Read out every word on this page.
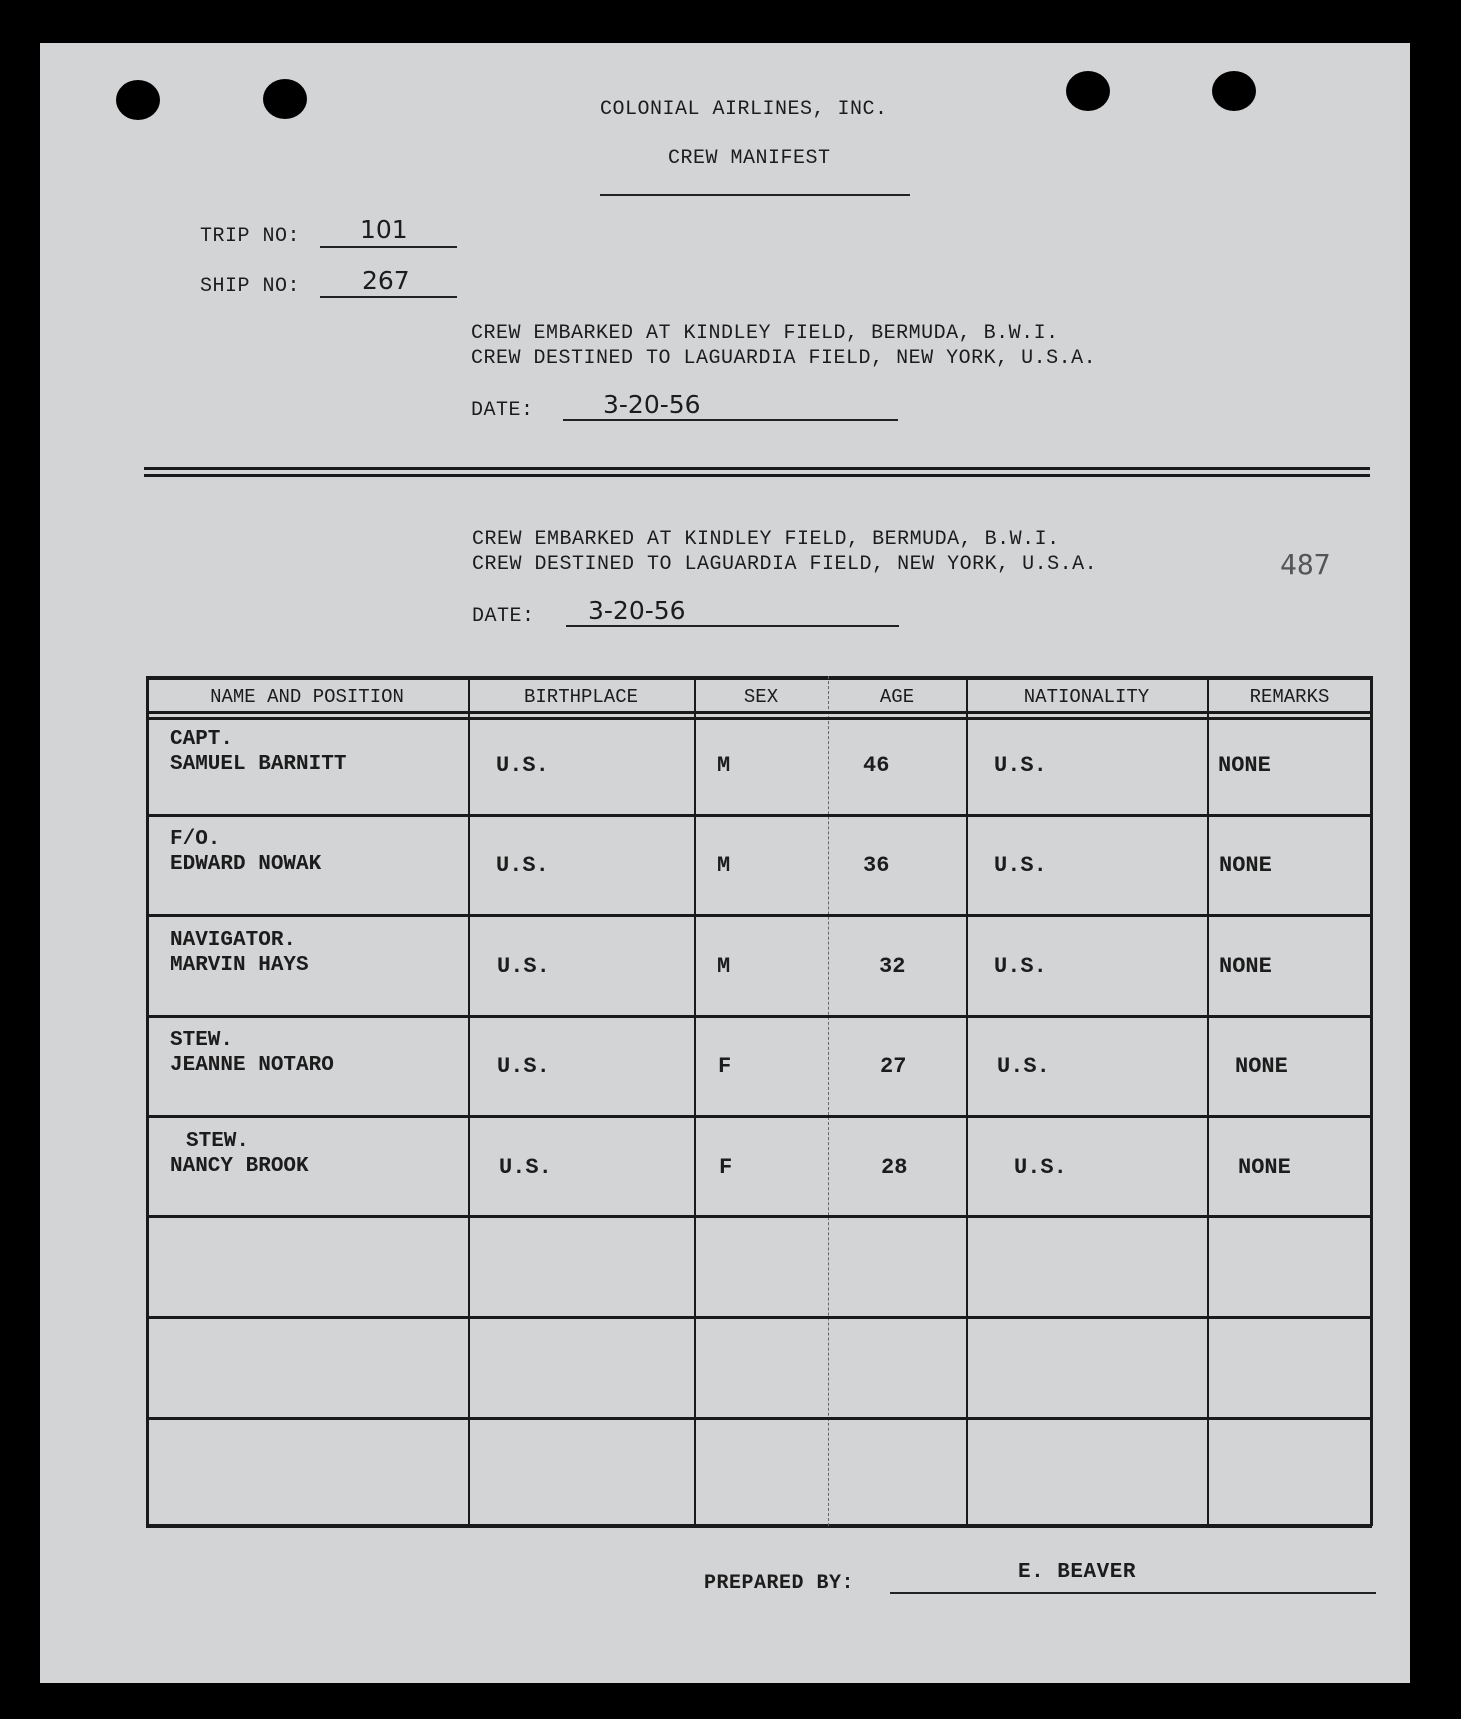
COLONIAL AIRLINES, INC.
CREW MANIFEST
TRIP NO: 101
SHIP NO: 267
CREW EMBARKED AT KINDLEY FIELD, BERMUDA, B.W.I.
CREW DESTINED TO LAGUARDIA FIELD, NEW YORK, U.S.A.
DATE:	3-20-56
CREW EMBARKED AT KINDLEY FIELD, BERMUDA, B.W.I.
CREW DESTINED TO LAGUARDIA FIELD, NEW YORK, U.S.A.	487
DATE: 3-20-56
NAME AND POSITION	BIRTHPLACE	SEX	AGE	NATIONALITY	REMARKS
CAPT.
SAMUEL BARNITT	U.S.	M	46	U.S.	NONE
F/O.
EDWARD NOWAK	U.S.	M	36	U.S.	NONE
NAVIGATOR.
MARVIN HAYS	U.S.	M	32	U.S.	NONE
STEW.
JEANNE NOTARO	U.S.	F	27	U.S.	NONE
STEW.
NANCY BROOK	U.S.	F	28	U.S.	NONE
PREPARED BY:	E. BEAVER
